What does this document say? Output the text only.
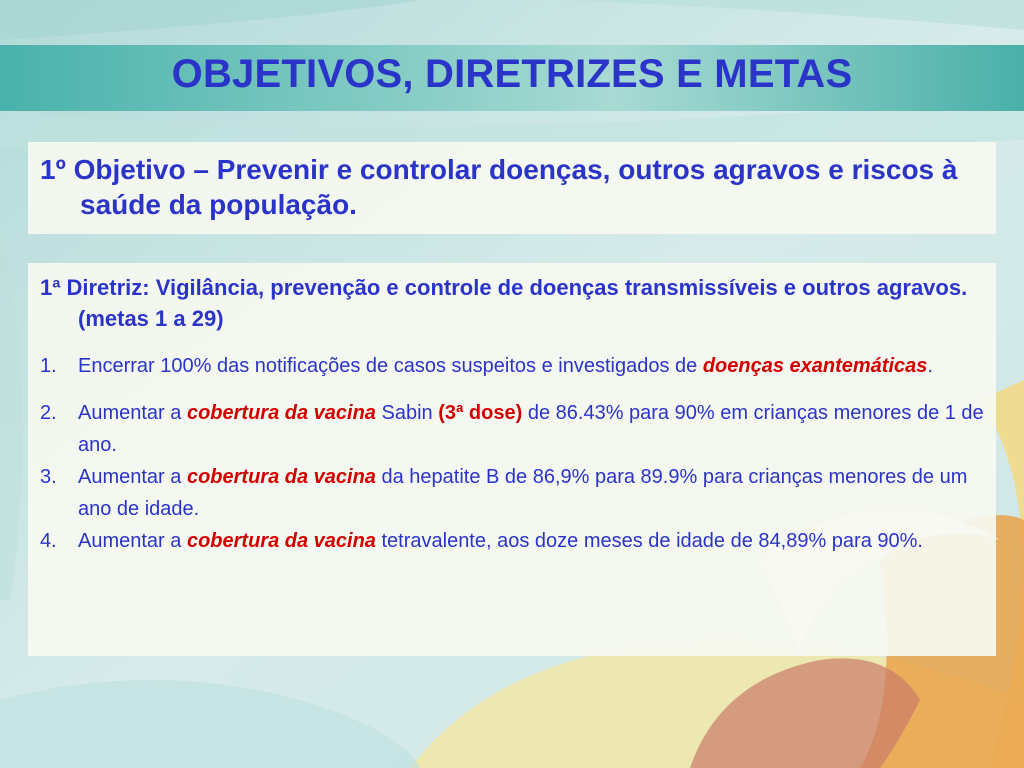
OBJETIVOS, DIRETRIZES E METAS

1º Objetivo – Prevenir e controlar doenças, outros agravos e riscos à saúde da população.

1ª Diretriz: Vigilância, prevenção e controle de doenças transmissíveis e outros agravos. (metas 1 a 29)

1. Encerrar 100% das notificações de casos suspeitos e investigados de doenças exantemáticas.
2. Aumentar a cobertura da vacina Sabin (3ª dose) de 86.43% para 90% em crianças menores de 1 de ano.
3. Aumentar a cobertura da vacina da hepatite B de 86,9% para 89.9% para crianças menores de um ano de idade.
4. Aumentar a cobertura da vacina tetravalente, aos doze meses de idade de 84,89% para 90%.
